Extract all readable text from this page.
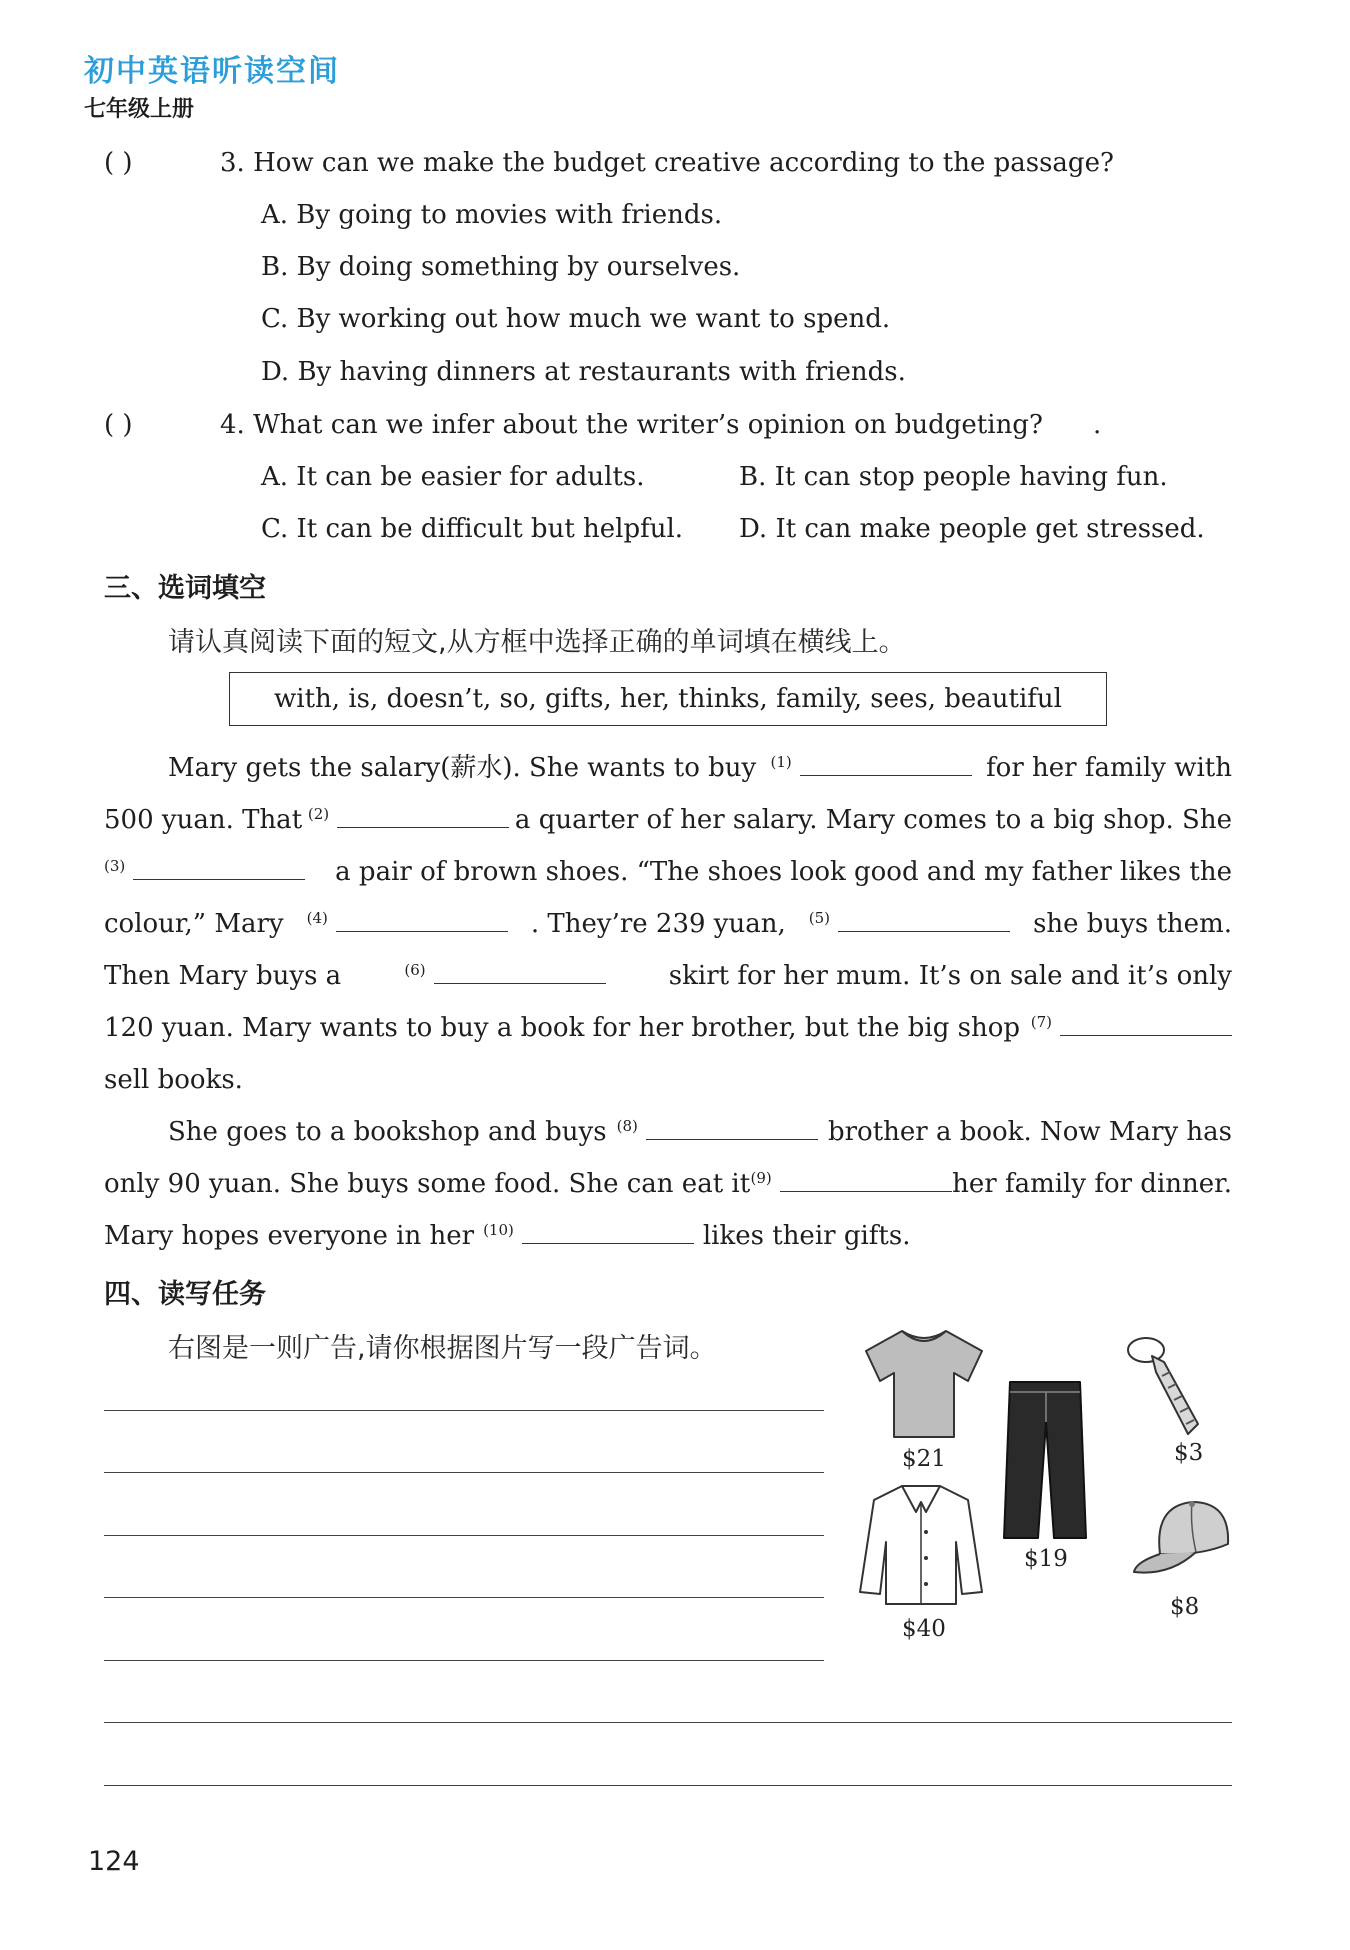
初中英语听读空间
七年级上册
( )	3. How can we make the budget creative according to the passage?
A. By going to movies with friends.
B. By doing something by ourselves.
C. By working out how much we want to spend.
D. By having dinners at restaurants with friends.
( )	4. What can we infer about the writer’s opinion on budgeting? .
A. It can be easier for adults.	B. It can stop people having fun.
C. It can be difficult but helpful. D. It can make people get stressed.
三、选词填空
请认真阅读下面的短文,从方框中选择正确的单词填在横线上。
with, is, doesn’t, so, gifts, her, thinks, family, sees, beautiful
Mary gets the salary(薪水). She wants to buy $^{(1)}$	for her family with
500 yuan. That $^{(2)}$	a quarter of her salary. Mary comes to a big shop. She
$^{(3)}$	a pair of brown shoes. “The shoes look good and my father likes the
colour,” Mary $^{(4)}$	. They’re 239 yuan, $^{(5)}$	she buys them.
Then Mary buys a	$^{(6)}$	skirt for her mum. It’s on sale and it’s only
120 yuan. Mary wants to buy a book for her brother, but the big shop $^{(7)}$
sell books.
She goes to a bookshop and buys $^{(8)}$	brother a book. Now Mary has
only 90 yuan. She buys some food. She can eat it $^{(9)}$	her family for dinner.
Mary hopes everyone in her $^{(10)}$	likes their gifts.
四、读写任务
右图是一则广告,请你根据图片写一段广告词。
$21
$19
$3
$40
$8
124
